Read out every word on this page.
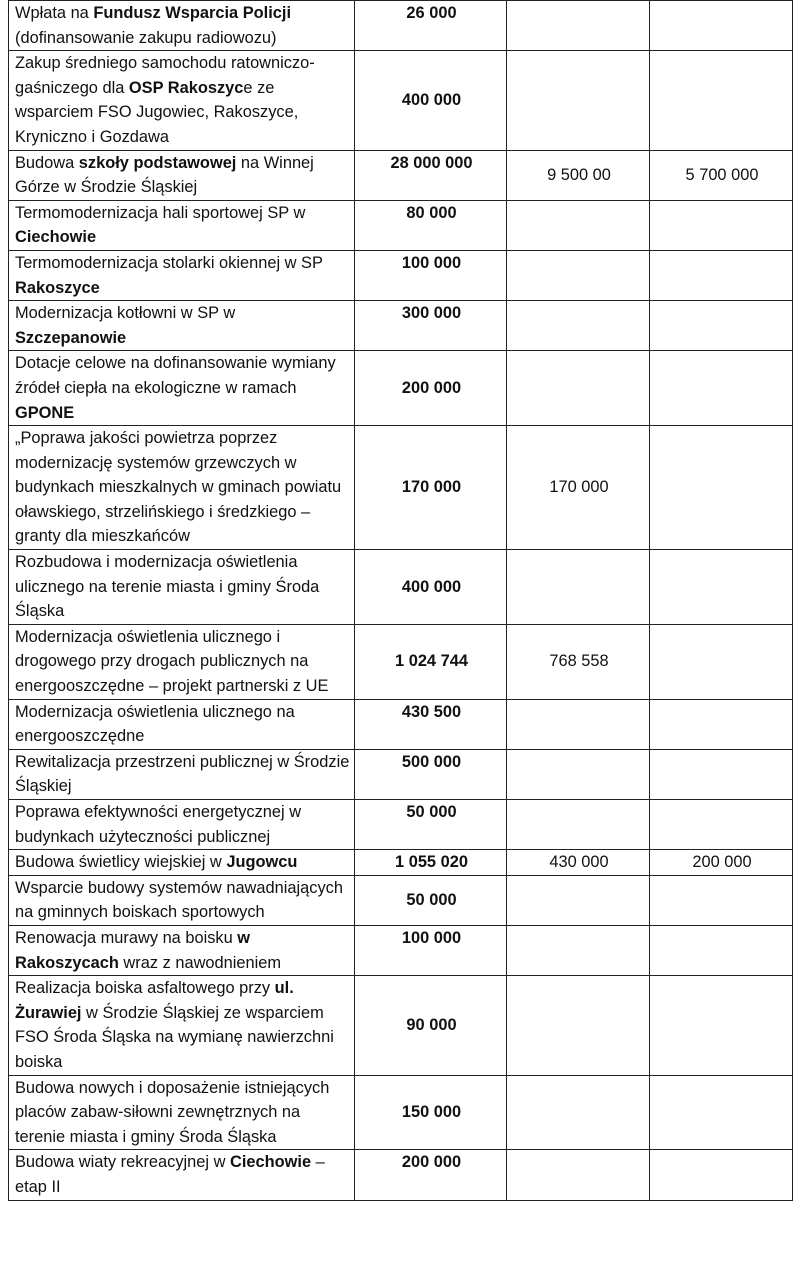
Wpłata na Fundusz Wsparcia Policji (dofinansowanie zakupu radiowozu)	26 000		
Zakup średniego samochodu ratowniczo-gaśniczego dla OSP Rakoszyce ze wsparciem FSO Jugowiec, Rakoszyce, Kryniczno i Gozdawa	400 000		
Budowa szkoły podstawowej na Winnej Górze w Środzie Śląskiej	28 000 000	9 500 00	5 700 000
Termomodernizacja hali sportowej SP w Ciechowie	80 000		
Termomodernizacja stolarki okiennej w SP Rakoszyce	100 000		
Modernizacja kotłowni w SP w Szczepanowie	300 000		
Dotacje celowe na dofinansowanie wymiany źródeł ciepła na ekologiczne w ramach GPONE	200 000		
„Poprawa jakości powietrza poprzez modernizację systemów grzewczych w budynkach mieszkalnych w gminach powiatu oławskiego, strzelińskiego i średzkiego – granty dla mieszkańców	170 000	170 000	
Rozbudowa i modernizacja oświetlenia ulicznego na terenie miasta i gminy Środa Śląska	400 000		
Modernizacja oświetlenia ulicznego i drogowego przy drogach publicznych na energooszczędne – projekt partnerski z UE	1 024 744	768 558	
Modernizacja oświetlenia ulicznego na energooszczędne	430 500		
Rewitalizacja przestrzeni publicznej w Środzie Śląskiej	500 000		
Poprawa efektywności energetycznej w budynkach użyteczności publicznej	50 000		
Budowa świetlicy wiejskiej w Jugowcu	1 055 020	430 000	200 000
Wsparcie budowy systemów nawadniających na gminnych boiskach sportowych	50 000		
Renowacja murawy na boisku w Rakoszycach wraz z nawodnieniem	100 000		
Realizacja boiska asfaltowego przy ul. Żurawiej w Środzie Śląskiej ze wsparciem FSO Środa Śląska na wymianę nawierzchni boiska	90 000		
Budowa nowych i doposażenie istniejących placów zabaw-siłowni zewnętrznych na terenie miasta i gminy Środa Śląska	150 000		
Budowa wiaty rekreacyjnej w Ciechowie – etap II	200 000		
